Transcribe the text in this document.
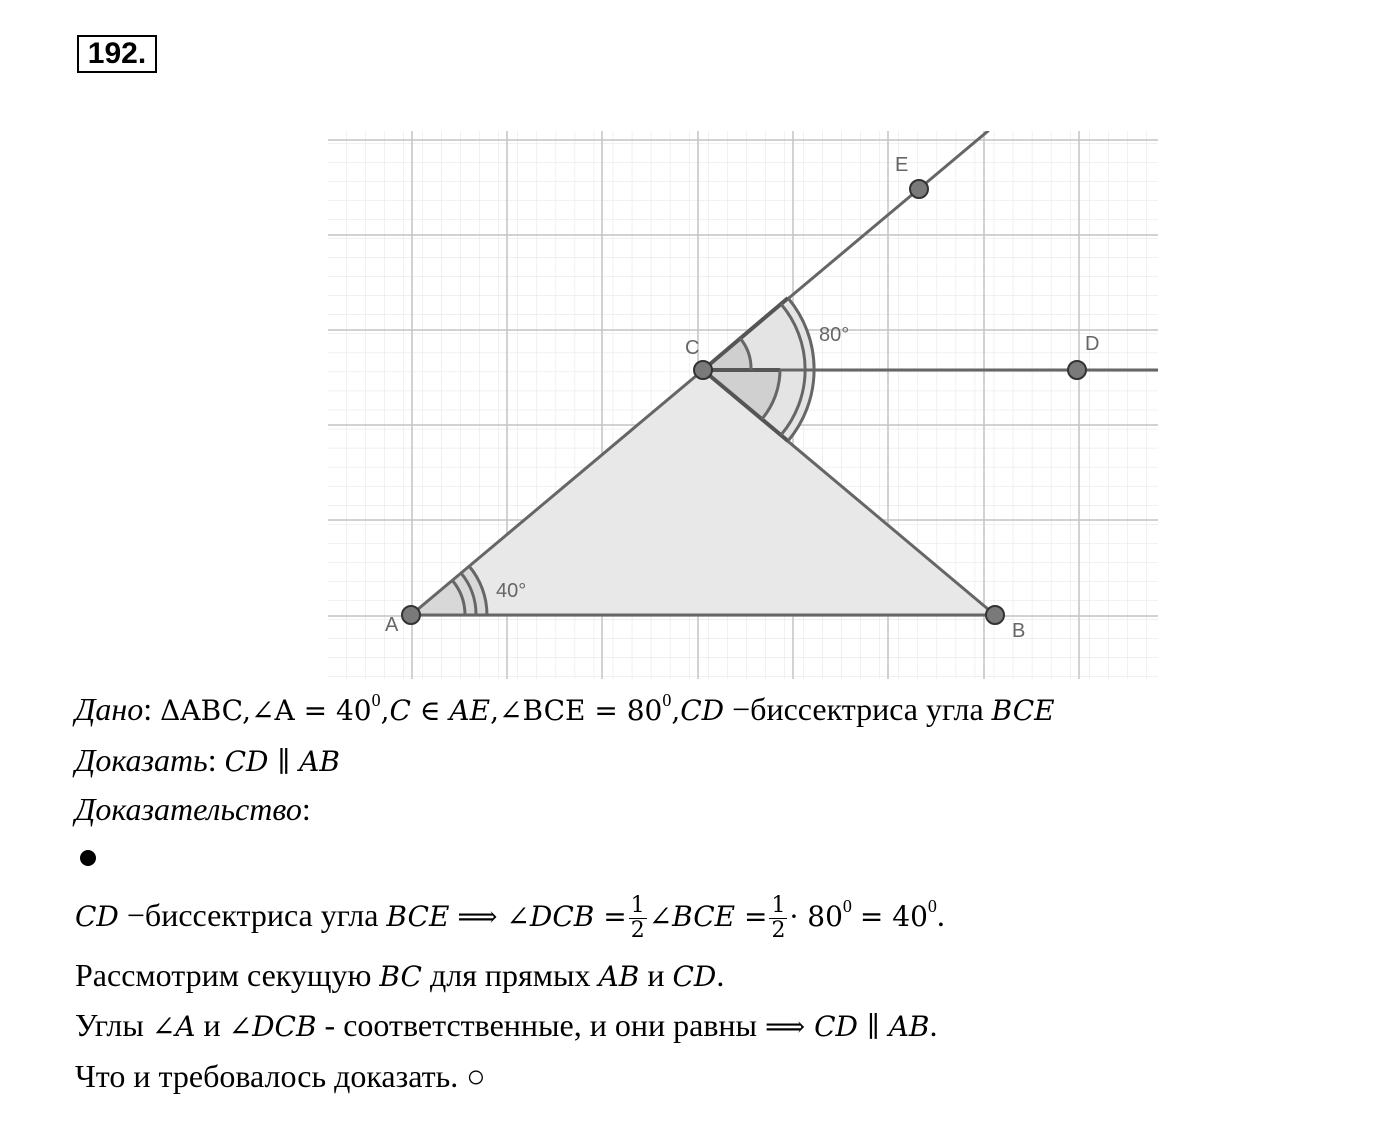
192.
A	B
C	D
E
40°
80°
Дано: ΔABC,∠A = $40^0,C$ ∈ AE,∠BCE = $80^0,CD$ −биссектриса угла BCE
Доказать: CD ∥ AB
Доказательство:
CD −биссектриса угла BCE ⟹ ∠DCB = $\frac{1}{2}$ ∠BCE = $\frac{1}{2} \cdot 80^0 = 40^0$.
Рассмотрим секущую BC для прямых AB и CD.
Углы ∠A и ∠DCB - соответственные, и они равны ⟹ CD ∥ AB.
Что и требовалось доказать. ○
